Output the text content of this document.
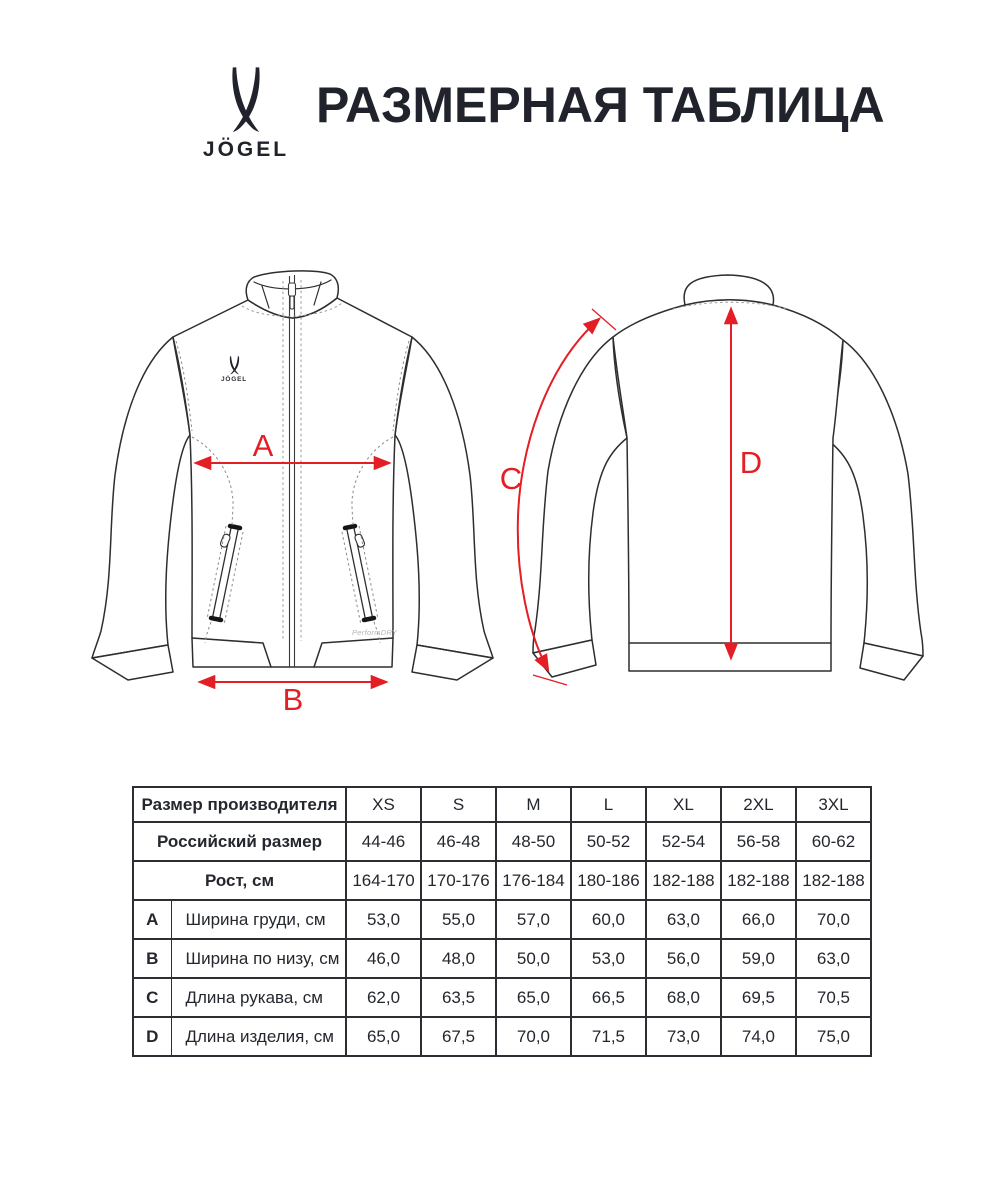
JÖGEL
РАЗМЕРНАЯ ТАБЛИЦА
A
B
C	D
JÖGEL
PerformDRY
Размер производителя		XS	S	M	L	XL	2XL	3XL
Российский размер		44-46	46-48	48-50	50-52	52-54	56-58	60-62
Рост, см		164-170	170-176	176-184	180-186	182-188	182-188	182-188
A	Ширина груди, см	53,0	55,0	57,0	60,0	63,0	66,0	70,0
B	Ширина по низу, см	46,0	48,0	50,0	53,0	56,0	59,0	63,0
C	Длина рукава, см	62,0	63,5	65,0	66,5	68,0	69,5	70,5
D	Длина изделия, см	65,0	67,5	70,0	71,5	73,0	74,0	75,0
